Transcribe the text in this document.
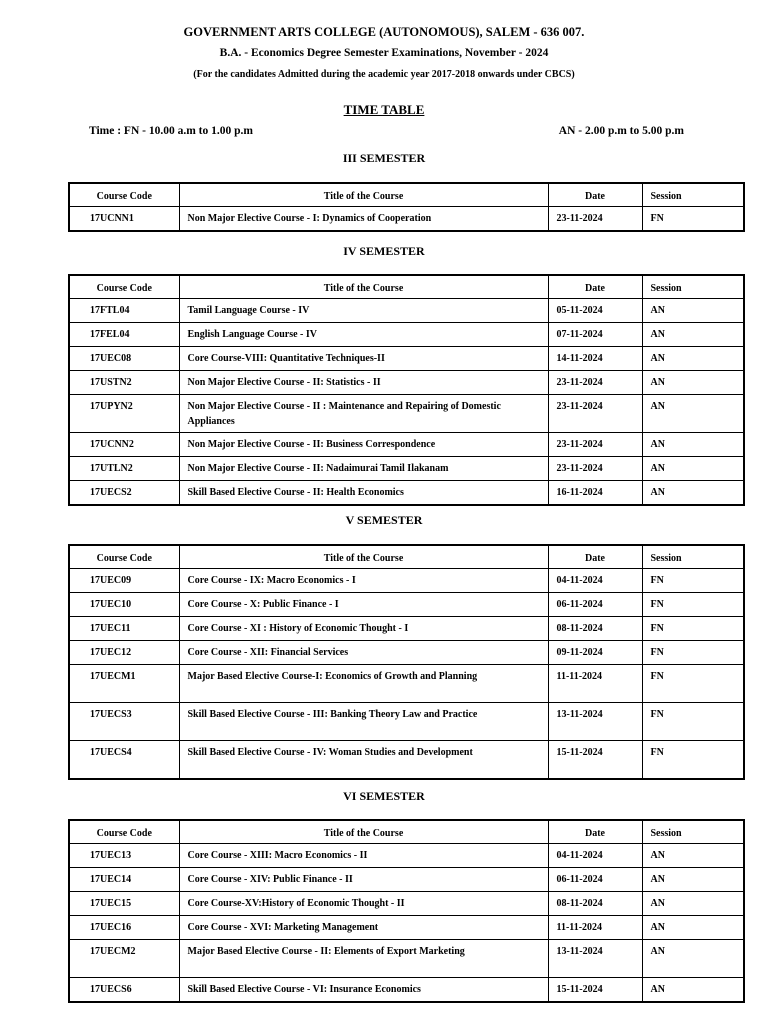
GOVERNMENT ARTS COLLEGE (AUTONOMOUS), SALEM - 636 007.
B.A. - Economics Degree Semester Examinations, November - 2024
(For the candidates Admitted during the academic year 2017-2018 onwards under CBCS)
TIME TABLE
Time : FN - 10.00 a.m to 1.00 p.m	AN - 2.00 p.m to 5.00 p.m
III SEMESTER
Course Code	Title of the Course	Date	Session
17UCNN1	Non Major Elective Course - I: Dynamics of Cooperation	23-11-2024	FN
IV SEMESTER
Course Code	Title of the Course	Date	Session
17FTL04	Tamil Language Course - IV	05-11-2024	AN
17FEL04	English Language Course - IV	07-11-2024	AN
17UEC08	Core Course-VIII: Quantitative Techniques-II	14-11-2024	AN
17USTN2	Non Major Elective Course - II: Statistics - II	23-11-2024	AN
17UPYN2	Non Major Elective Course - II : Maintenance and Repairing of Domestic Appliances	23-11-2024	AN
17UCNN2	Non Major Elective Course - II: Business Correspondence	23-11-2024	AN
17UTLN2	Non Major Elective Course - II: Nadaimurai Tamil Ilakanam	23-11-2024	AN
17UECS2	Skill Based Elective Course - II: Health Economics	16-11-2024	AN
V SEMESTER
Course Code	Title of the Course	Date	Session
17UEC09	Core Course - IX: Macro Economics - I	04-11-2024	FN
17UEC10	Core Course - X: Public Finance - I	06-11-2024	FN
17UEC11	Core Course - XI : History of Economic Thought - I	08-11-2024	FN
17UEC12	Core Course - XII: Financial Services	09-11-2024	FN
17UECM1	Major Based Elective Course-I: Economics of Growth and Planning	11-11-2024	FN
17UECS3	Skill Based Elective Course - III: Banking Theory Law and Practice	13-11-2024	FN
17UECS4	Skill Based Elective Course - IV: Woman Studies and Development	15-11-2024	FN
VI SEMESTER
Course Code	Title of the Course	Date	Session
17UEC13	Core Course - XIII: Macro Economics - II	04-11-2024	AN
17UEC14	Core Course - XIV: Public Finance - II	06-11-2024	AN
17UEC15	Core Course-XV:History of Economic Thought - II	08-11-2024	AN
17UEC16	Core Course - XVI: Marketing Management	11-11-2024	AN
17UECM2	Major Based Elective Course - II: Elements of Export Marketing	13-11-2024	AN
17UECS6	Skill Based Elective Course - VI: Insurance Economics	15-11-2024	AN
